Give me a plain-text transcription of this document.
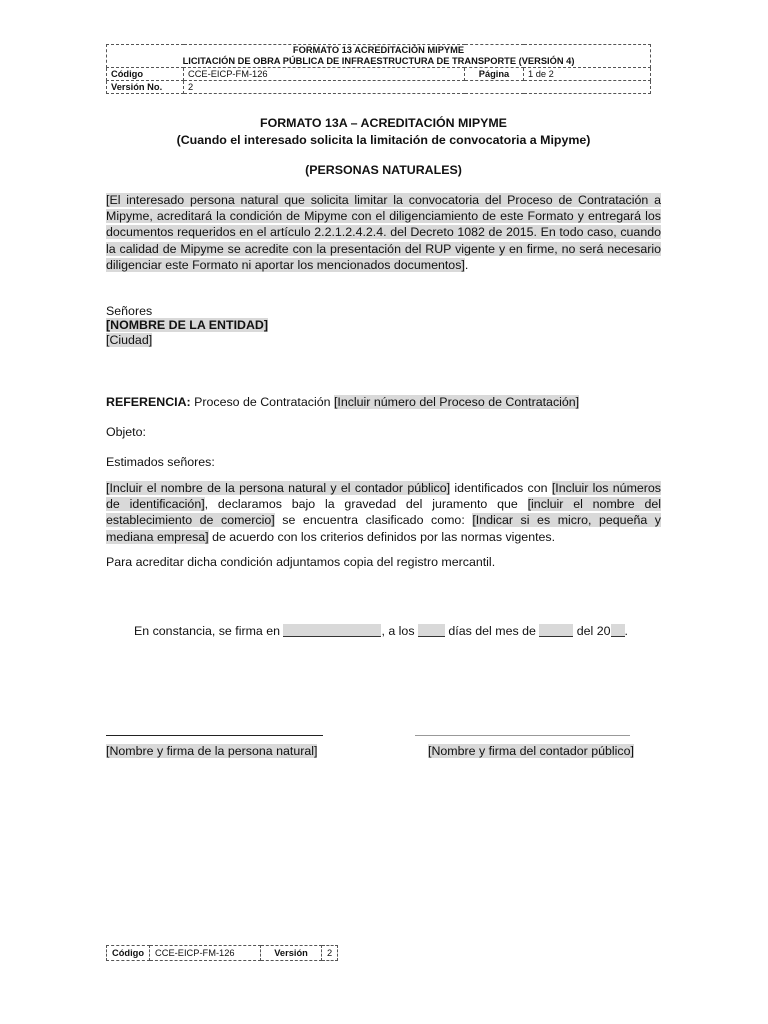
FORMATO 13 ACREDITACIÓN MIPYME
LICITACIÓN DE OBRA PÚBLICA DE INFRAESTRUCTURA DE TRANSPORTE (VERSIÓN 4)			

Código	CCE-EICP-FM-126	Página	1 de 2
Versión No.	2		
FORMATO 13A – ACREDITACIÓN MIPYME
(Cuando el interesado solicita la limitación de convocatoria a Mipyme)
(PERSONAS NATURALES)
[El interesado persona natural que solicita limitar la convocatoria del Proceso de Contratación a Mipyme, acreditará la condición de Mipyme con el diligenciamiento de este Formato y entregará los documentos requeridos en el artículo 2.2.1.2.4.2.4. del Decreto 1082 de 2015. En todo caso, cuando la calidad de Mipyme se acredite con la presentación del RUP vigente y en firme, no será necesario diligenciar este Formato ni aportar los mencionados documentos].
Señores
[NOMBRE DE LA ENTIDAD]
[Ciudad]
REFERENCIA: Proceso de Contratación [Incluir número del Proceso de Contratación]
Objeto:
Estimados señores:
[Incluir el nombre de la persona natural y el contador público] identificados con [Incluir los números de identificación], declaramos bajo la gravedad del juramento que [incluir el nombre del establecimiento de comercio] se encuentra clasificado como: [Indicar si es micro, pequeña y mediana empresa] de acuerdo con los criterios definidos por las normas vigentes.
Para acreditar dicha condición adjuntamos copia del registro mercantil.
En constancia, se firma en	, a los  días del mes de	del 20 .
[Nombre y firma de la persona natural]	[Nombre y firma del contador público]
Código	CCE-EICP-FM-126	Versión	2
